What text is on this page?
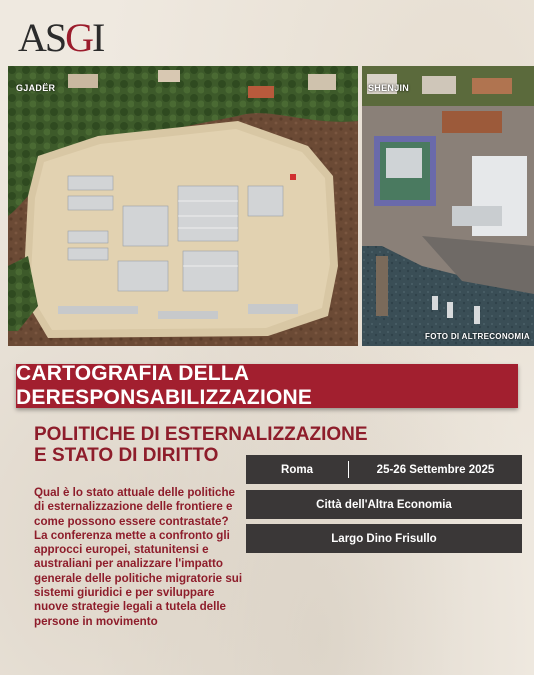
ASGI
GJADËR	SHENJIN
FOTO DI ALTRECONOMIA
CARTOGRAFIA DELLA DERESPONSABILIZZAZIONE
POLITICHE DI ESTERNALIZZAZIONE
E STATO DI DIRITTO
Qual è lo stato attuale delle politiche di esternalizzazione delle frontiere e come possono essere contrastate? La conferenza mette a confronto gli approcci europei, statunitensi e australiani per analizzare l'impatto generale delle politiche migratorie sui sistemi giuridici e per sviluppare nuove strategie legali a tutela delle persone in movimento
Roma	25-26 Settembre 2025
Città dell'Altra Economia
Largo Dino Frisullo
